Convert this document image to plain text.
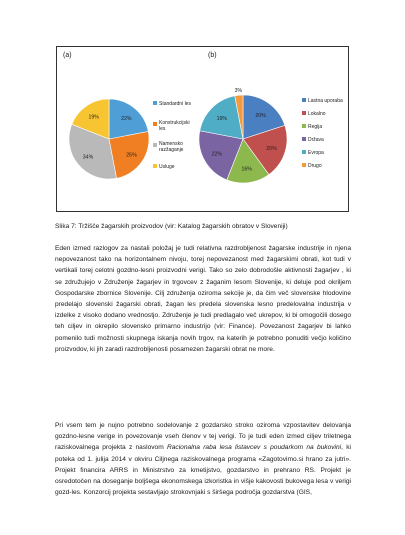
(a)	(b)
22%
Standardni les
25%
Konstrukcijski les
34%
Namensko razžaganje
19%
Usluge
20%
Lastna uporaba
20%
Lokalno
16%
Regija
22%
Država
19%
Evropa
3%
Drugo
Slika 7: Tržišče žagarskih proizvodov (vir: Katalog žagarskih obratov v Sloveniji)

Eden izmed razlogov za nastali položaj je tudi relativna razdrobljenost žagarske industrije in njena nepovezanost tako na horizontalnem nivoju, torej nepovezanost med žagarskimi obrati, kot tudi v vertikali torej celotni gozdno-lesni proizvodni verigi. Tako so zelo dobrodošle aktivnosti žagarjev , ki se združujejo v Združenje žagarjev in trgovcev z žaganim lesom Slovenije, ki deluje pod okriljem Gospodarske zbornice Slovenije. Cilj združenja oziroma sekcije je, da čim več slovenske hlodovine predelajo slovenski žagarski obrati, žagan les predela slovenska lesno predelovalna industrija v izdelke z visoko dodano vrednostjo. Združenje je tudi predlagalo več ukrepov, ki bi omogočili dosego teh ciljev in okrepilo slovensko primarno industrijo (vir: Finance). Povezanost žagarjev bi lahko pomenilo tudi možnosti skupnega iskanja novih trgov, na katerih je potrebno ponuditi večjo količino proizvodov, ki jih zaradi razdrobljenosti posamezen žagarski obrat ne more.

Pri vsem tem je nujno potrebno sodelovanje z gozdarsko stroko oziroma vzpostavitev delovanja gozdno-lesne verige in povezovanje vseh členov v tej verigi. To je tudi eden izmed ciljev triletnega raziskovalnega projekta z naslovom Racionalna raba lesa listavcev s poudarkom na bukovini, ki poteka od 1. julija 2014 v okviru Ciljnega raziskovalnega programa «Zagotovimo.si hrano za jutri». Projekt financira ARRS in Ministrstvo za kmetijstvo, gozdarstvo in prehrano RS. Projekt je osredotočen na doseganje boljšega ekonomskega izkoristka in višje kakovosti bukovega lesa v verigi gozd-les. Konzorcij projekta sestavljajo strokovnjaki s širšega področja gozdarstva (GIS,
